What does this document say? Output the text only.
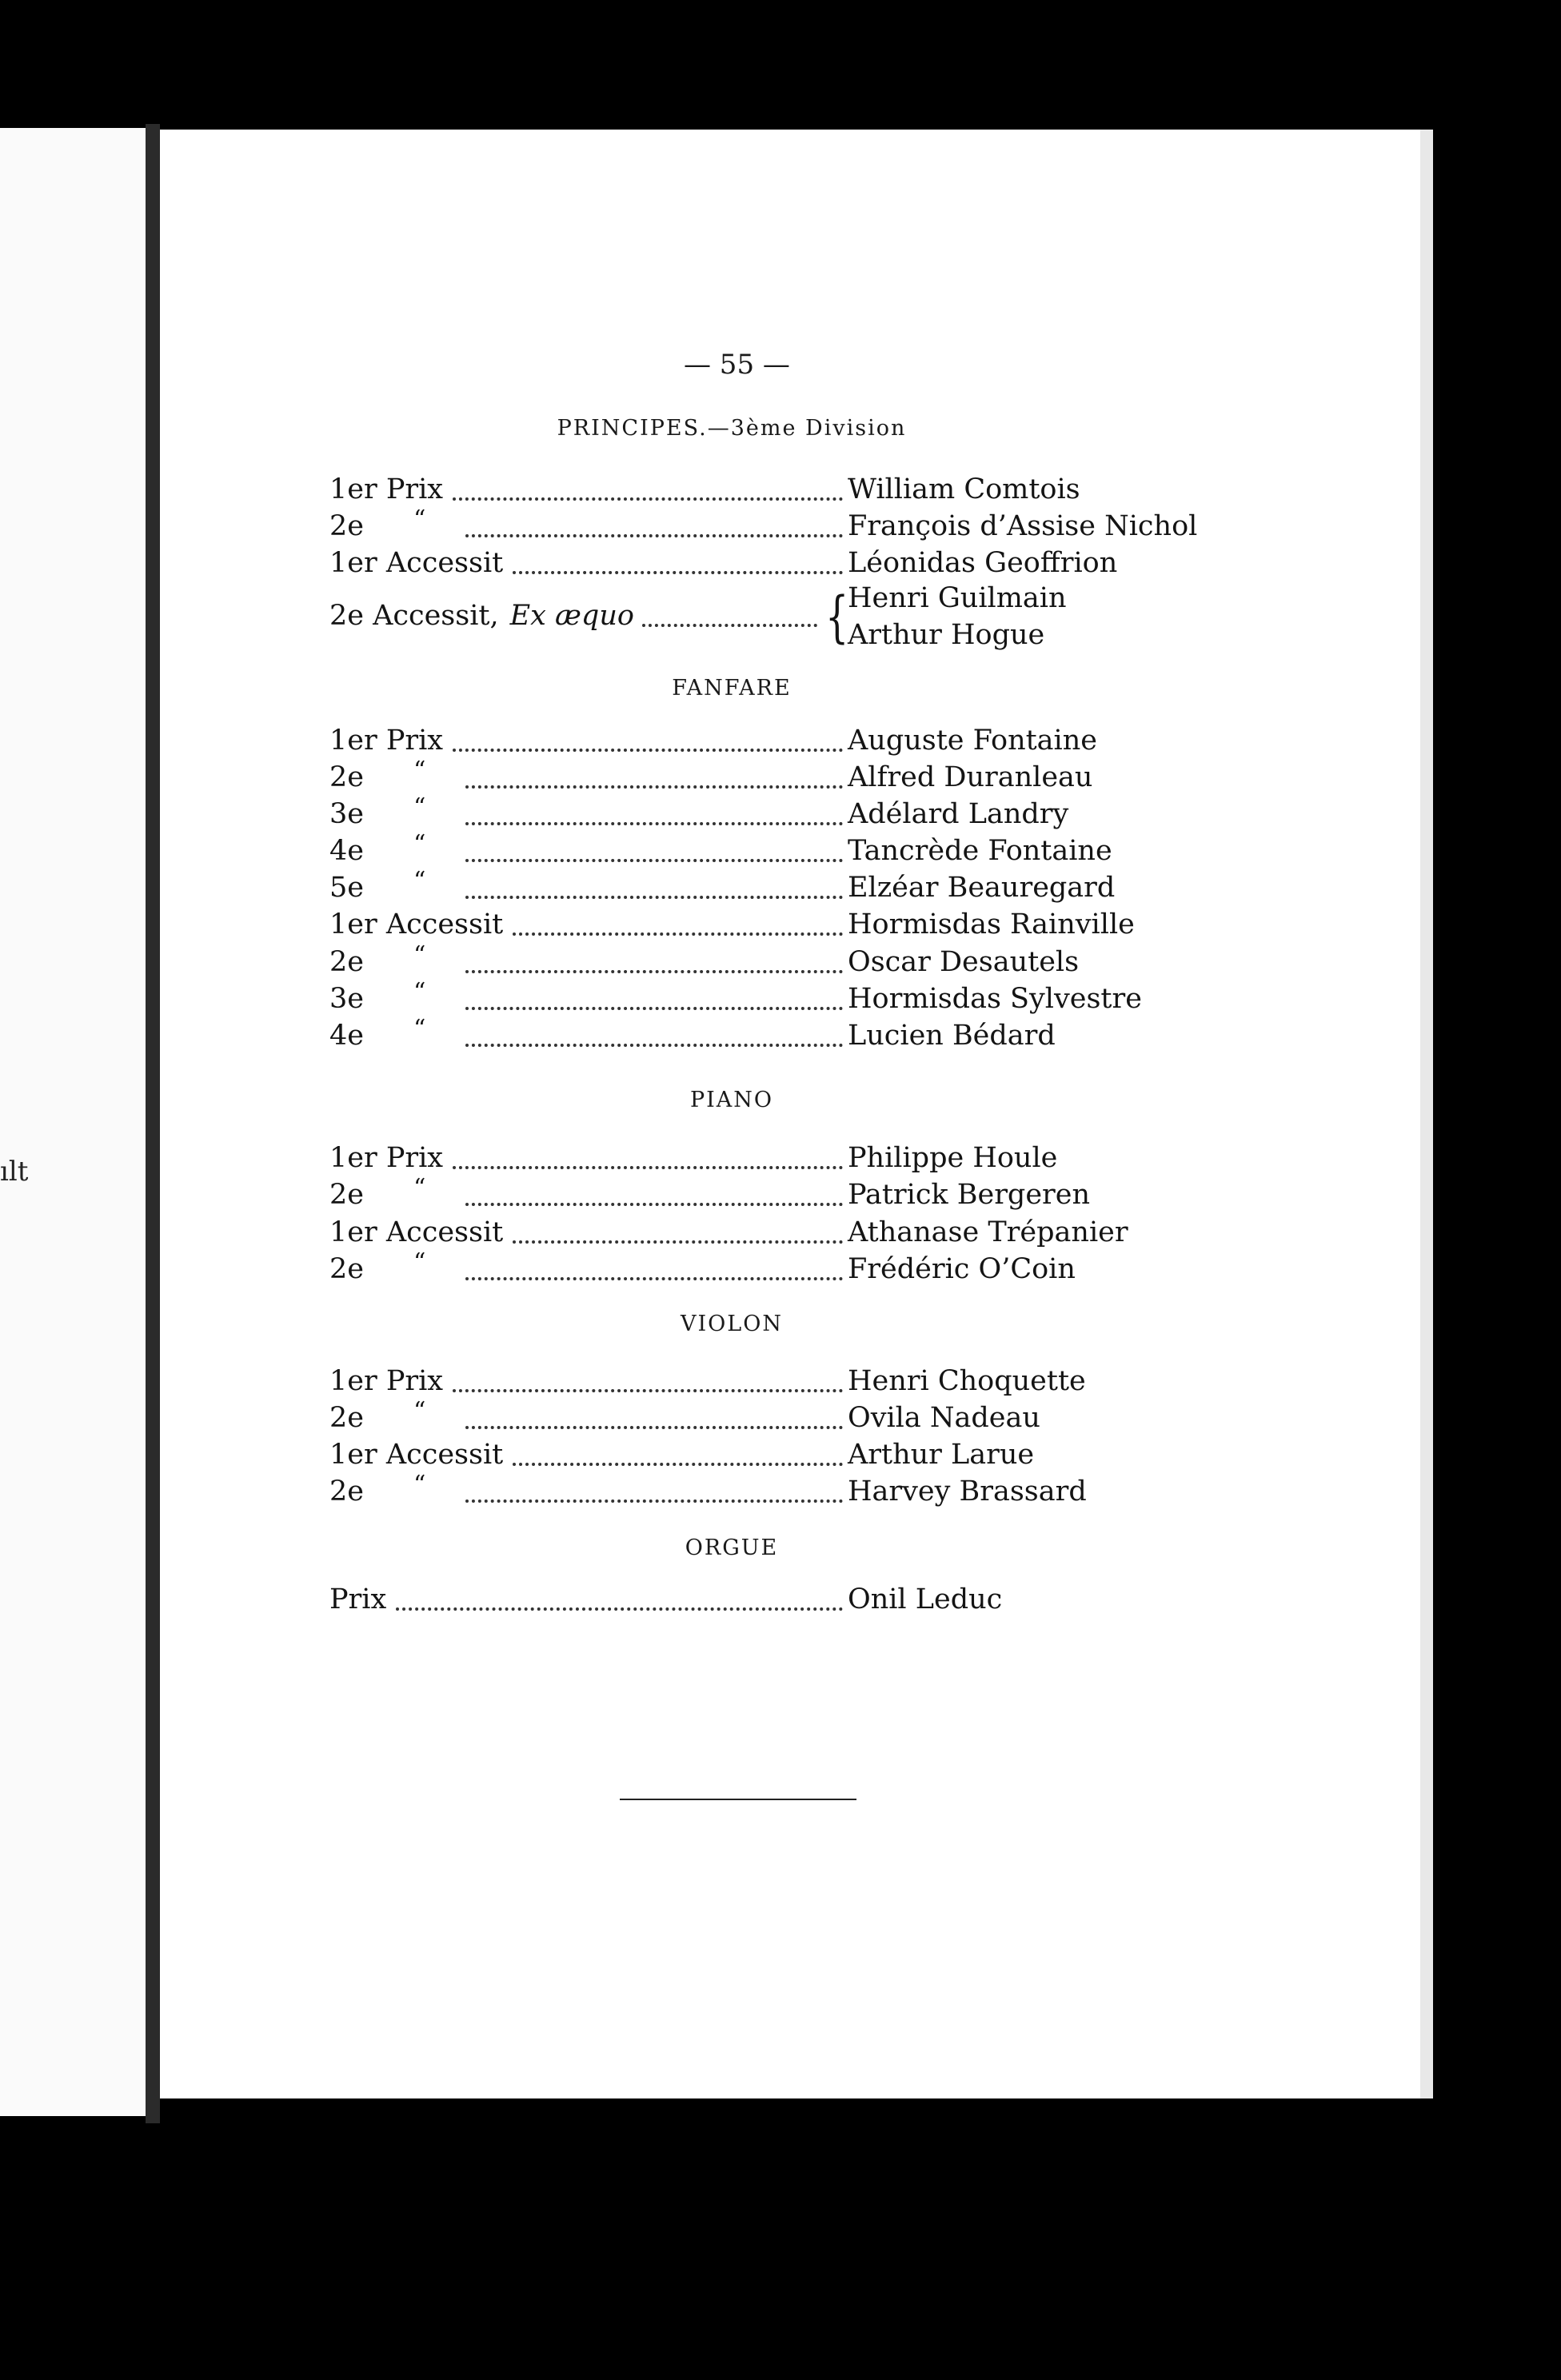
ılt
— 55 —
PRINCIPES.—3ème Division
1er Prix	William Comtois
2e “	François d’Assise Nichol
1er Accessit	Léonidas Geoffrion
2e Accessit, Ex æquo	{
Henri Guilmain
Arthur Hogue
FANFARE
1er Prix	Auguste Fontaine
2e “	Alfred Duranleau
3e “	Adélard Landry
4e “	Tancrède Fontaine
5e “	Elzéar Beauregard
1er Accessit	Hormisdas Rainville
2e “	Oscar Desautels
3e “	Hormisdas Sylvestre
4e “	Lucien Bédard
PIANO
1er Prix	Philippe Houle
2e “	Patrick Bergeren
1er Accessit	Athanase Trépanier
2e “	Frédéric O’Coin
VIOLON
1er Prix	Henri Choquette
2e “	Ovila Nadeau
1er Accessit	Arthur Larue
2e “	Harvey Brassard
ORGUE
Prix	Onil Leduc
